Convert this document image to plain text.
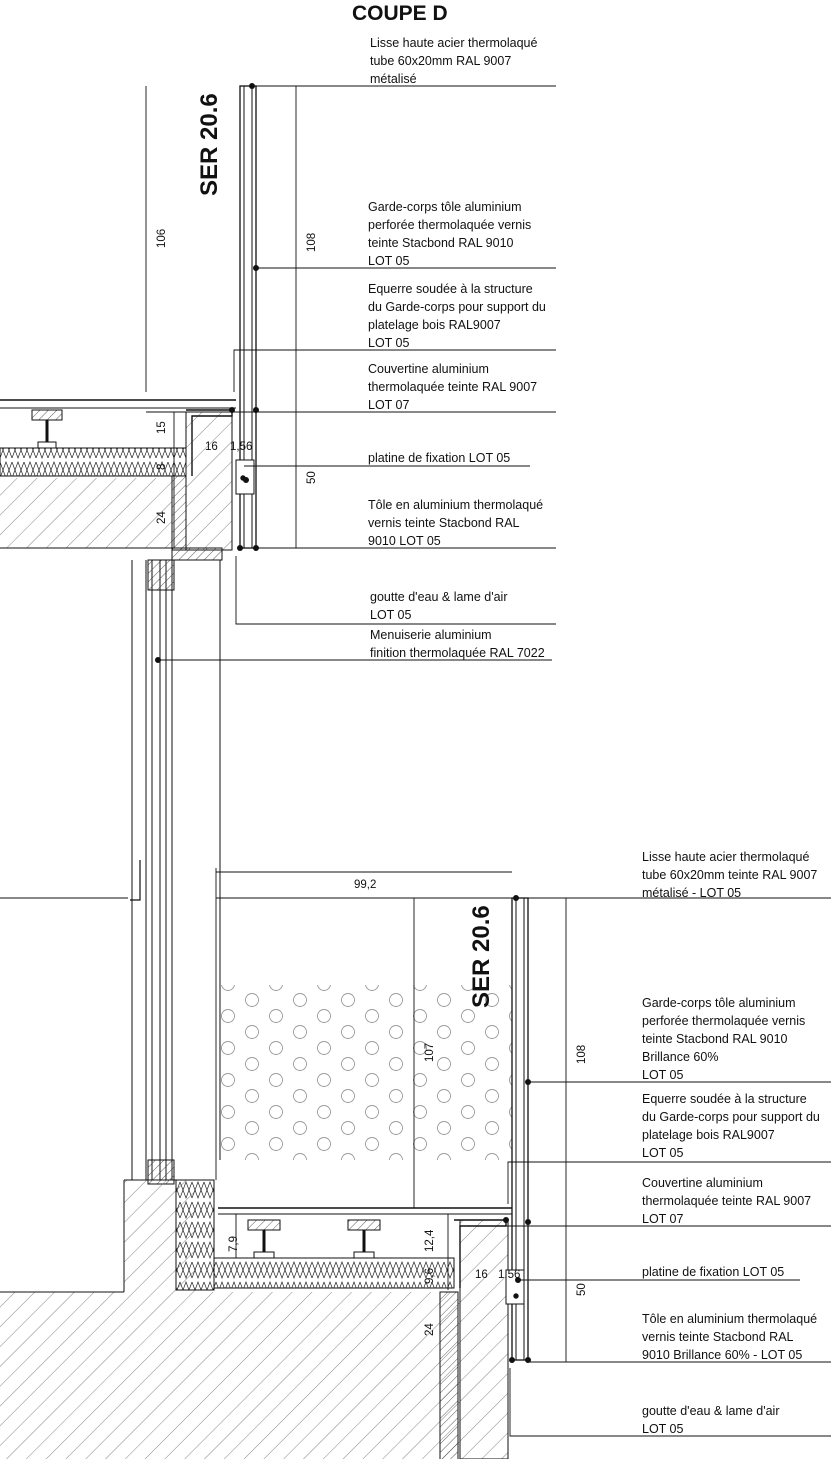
COUPE D
SER 20.6
SER 20.6
Lisse haute acier thermolaqué
tube 60x20mm RAL 9007
métalisé
Garde-corps tôle aluminium
perforée thermolaquée vernis
teinte Stacbond RAL 9010
LOT 05
Equerre soudée à la structure
du Garde-corps pour support du
platelage bois RAL9007
LOT 05
Couvertine aluminium
thermolaquée teinte RAL 9007
LOT 07
platine de fixation LOT 05
Tôle en aluminium thermolaqué
vernis teinte Stacbond RAL
9010 LOT 05
goutte d'eau & lame d'air
LOT 05
Menuiserie aluminium
finition thermolaquée RAL 7022
Lisse haute acier thermolaqué
tube 60x20mm teinte RAL 9007
métalisé - LOT 05
Garde-corps tôle aluminium
perforée thermolaquée vernis
teinte Stacbond RAL 9010
Brillance 60%
LOT 05
Equerre soudée à la structure
du Garde-corps pour support du
platelage bois RAL9007
LOT 05
Couvertine aluminium
thermolaquée teinte RAL 9007
LOT 07
platine de fixation LOT 05
Tôle en aluminium thermolaqué
vernis teinte Stacbond RAL
9010 Brillance 60% - LOT 05
goutte d'eau & lame d'air
LOT 05
106	108
15
8
24
50
16 1,56
99,2
107	108
7,9	12,4
9,6
24
50
16 1,56
